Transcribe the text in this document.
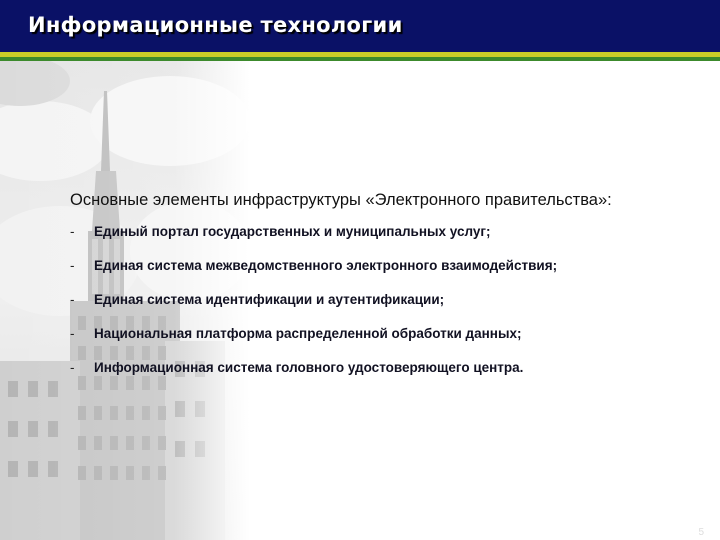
Информационные технологии

Основные элементы инфраструктуры «Электронного правительства»:

-	Единый портал государственных и муниципальных услуг;
-	Единая система межведомственного электронного взаимодействия;
-	Единая система идентификации и аутентификации;
-	Национальная платформа распределенной обработки данных;
-	Информационная система головного удостоверяющего центра.
5
